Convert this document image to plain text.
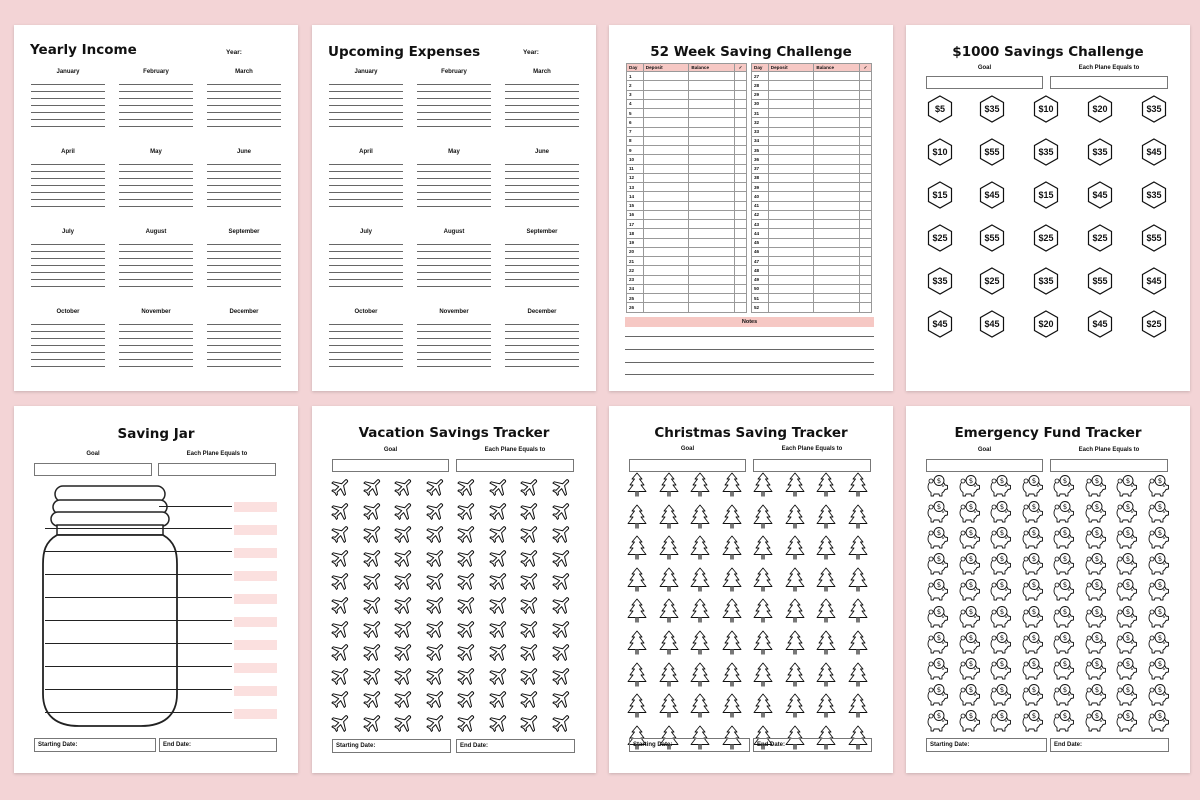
Yearly Income	Year:
January	February	March
April	May	June
July	August	September
October	November	December
Upcoming Expenses	Year:
January	February	March
April	May	June
July	August	September
October	November	December
52 Week Saving Challenge
Day	Deposit	Balance	✓
1			
2			
3			
4			
5			
6			
7			
8			
9			
10			
11			
12			
13			
14			
15			
16			
17			
18			
19			
20			
21			
22			
23			
24			
25			
26			
Day	Deposit	Balance	✓
27			
28			
29			
30			
31			
32			
33			
34			
35			
36			
37			
38			
39			
40			
41			
42			
43			
44			
45			
46			
47			
48			
49			
50			
51			
52			
Notes
$1000 Savings Challenge
Goal	Each Plane Equals to
$5	$35	$10	$20	$35
$10	$55	$35	$35	$45
$15	$45	$15	$45	$35
$25	$55	$25	$25	$55
$35	$25	$35	$55	$45
$45	$45	$20	$45	$25
Saving Jar
Goal	Each Plane Equals to
Starting Date:	End Date:
Vacation Savings Tracker
Goal	Each Plane Equals to
Starting Date:	End Date:
Christmas Saving Tracker
Goal	Each Plane Equals to
Starting Date:	End Date:
Emergency Fund Tracker
Goal	Each Plane Equals to
$	$	$	$	$	$	$	$
$	$	$	$	$	$	$	$
$	$	$	$	$	$	$	$
$	$	$	$	$	$	$	$
$	$	$	$	$	$	$	$
$	$	$	$	$	$	$	$
$	$	$	$	$	$	$	$
$	$	$	$	$	$	$	$
$	$	$	$	$	$	$	$
$	$	$	$	$	$	$	$
Starting Date:	End Date:
